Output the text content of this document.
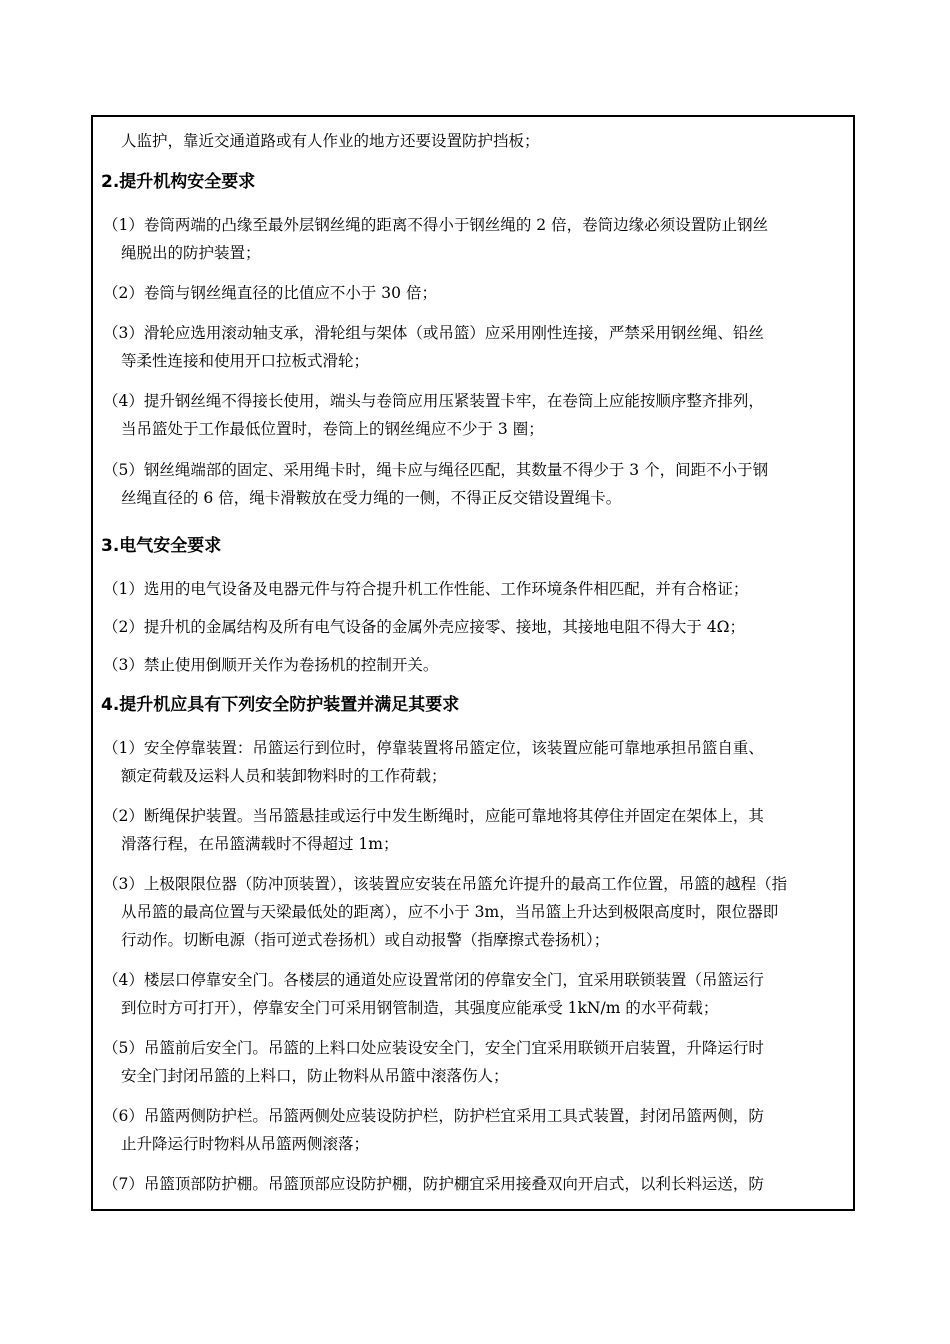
人监护，靠近交通道路或有人作业的地方还要设置防护挡板；
2.提升机构安全要求
（1）卷筒两端的凸缘至最外层钢丝绳的距离不得小于钢丝绳的 2 倍，卷筒边缘必须设置防止钢丝
绳脱出的防护装置；
（2）卷筒与钢丝绳直径的比值应不小于 30 倍；
（3）滑轮应选用滚动轴支承，滑轮组与架体（或吊篮）应采用刚性连接，严禁采用钢丝绳、铅丝
等柔性连接和使用开口拉板式滑轮；
（4）提升钢丝绳不得接长使用，端头与卷筒应用压紧装置卡牢，在卷筒上应能按顺序整齐排列，
当吊篮处于工作最低位置时，卷筒上的钢丝绳应不少于 3 圈；
（5）钢丝绳端部的固定、采用绳卡时，绳卡应与绳径匹配，其数量不得少于 3 个，间距不小于钢
丝绳直径的 6 倍，绳卡滑鞍放在受力绳的一侧，不得正反交错设置绳卡。
3.电气安全要求
（1）选用的电气设备及电器元件与符合提升机工作性能、工作环境条件相匹配，并有合格证；
（2）提升机的金属结构及所有电气设备的金属外壳应接零、接地，其接地电阻不得大于 4Ω；
（3）禁止使用倒顺开关作为卷扬机的控制开关。
4.提升机应具有下列安全防护装置并满足其要求
（1）安全停靠装置：吊篮运行到位时，停靠装置将吊篮定位，该装置应能可靠地承担吊篮自重、
额定荷载及运料人员和装卸物料时的工作荷载；
（2）断绳保护装置。当吊篮悬挂或运行中发生断绳时，应能可靠地将其停住并固定在架体上，其
滑落行程，在吊篮满载时不得超过 1m；
（3）上极限限位器（防冲顶装置），该装置应安装在吊篮允许提升的最高工作位置，吊篮的越程（指
从吊篮的最高位置与天梁最低处的距离），应不小于 3m，当吊篮上升达到极限高度时，限位器即
行动作。切断电源（指可逆式卷扬机）或自动报警（指摩擦式卷扬机）；
（4）楼层口停靠安全门。各楼层的通道处应设置常闭的停靠安全门，宜采用联锁装置（吊篮运行
到位时方可打开），停靠安全门可采用钢管制造，其强度应能承受 1kN/m 的水平荷载；
（5）吊篮前后安全门。吊篮的上料口处应装设安全门，安全门宜采用联锁开启装置，升降运行时
安全门封闭吊篮的上料口，防止物料从吊篮中滚落伤人；
（6）吊篮两侧防护栏。吊篮两侧处应装设防护栏，防护栏宜采用工具式装置，封闭吊篮两侧，防
止升降运行时物料从吊篮两侧滚落；
（7）吊篮顶部防护棚。吊篮顶部应设防护棚，防护棚宜采用接叠双向开启式，以利长料运送，防
